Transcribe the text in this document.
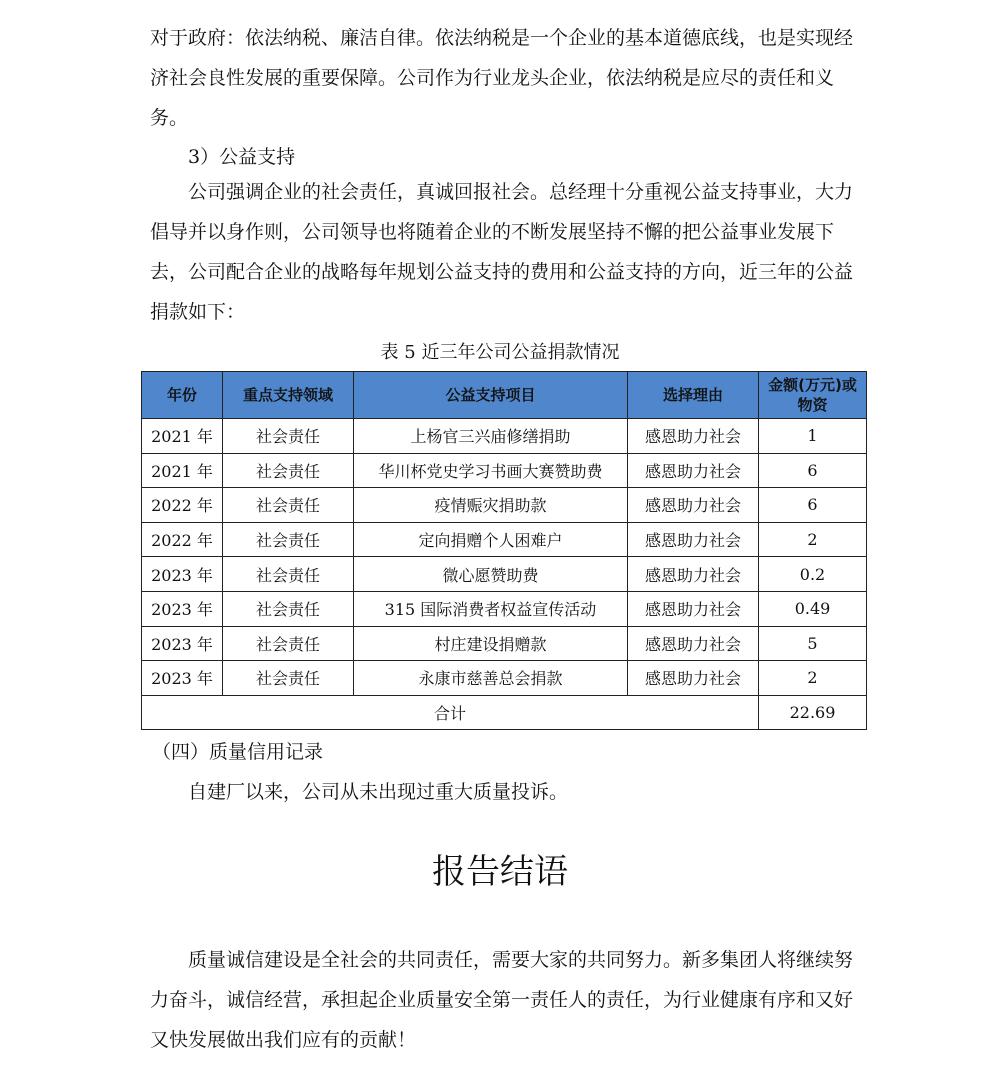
对于政府：依法纳税、廉洁自律。依法纳税是一个企业的基本道德底线，也是实现经济社会良性发展的重要保障。公司作为行业龙头企业，依法纳税是应尽的责任和义务。

3）公益支持

公司强调企业的社会责任，真诚回报社会。总经理十分重视公益支持事业，大力倡导并以身作则，公司领导也将随着企业的不断发展坚持不懈的把公益事业发展下去，公司配合企业的战略每年规划公益支持的费用和公益支持的方向，近三年的公益捐款如下：

表 5 近三年公司公益捐款情况
年份	重点支持领域	公益支持项目	选择理由	金额(万元)或物资
2021 年	社会责任	上杨官三兴庙修缮捐助	感恩助力社会	1
2021 年	社会责任	华川杯党史学习书画大赛赞助费	感恩助力社会	6
2022 年	社会责任	疫情赈灾捐助款	感恩助力社会	6
2022 年	社会责任	定向捐赠个人困难户	感恩助力社会	2
2023 年	社会责任	微心愿赞助费	感恩助力社会	0.2
2023 年	社会责任	315 国际消费者权益宣传活动	感恩助力社会	0.49
2023 年	社会责任	村庄建设捐赠款	感恩助力社会	5
2023 年	社会责任	永康市慈善总会捐款	感恩助力社会	2
合计				22.69

（四）质量信用记录

自建厂以来，公司从未出现过重大质量投诉。

报告结语

质量诚信建设是全社会的共同责任，需要大家的共同努力。新多集团人将继续努力奋斗，诚信经营，承担起企业质量安全第一责任人的责任，为行业健康有序和又好又快发展做出我们应有的贡献！
